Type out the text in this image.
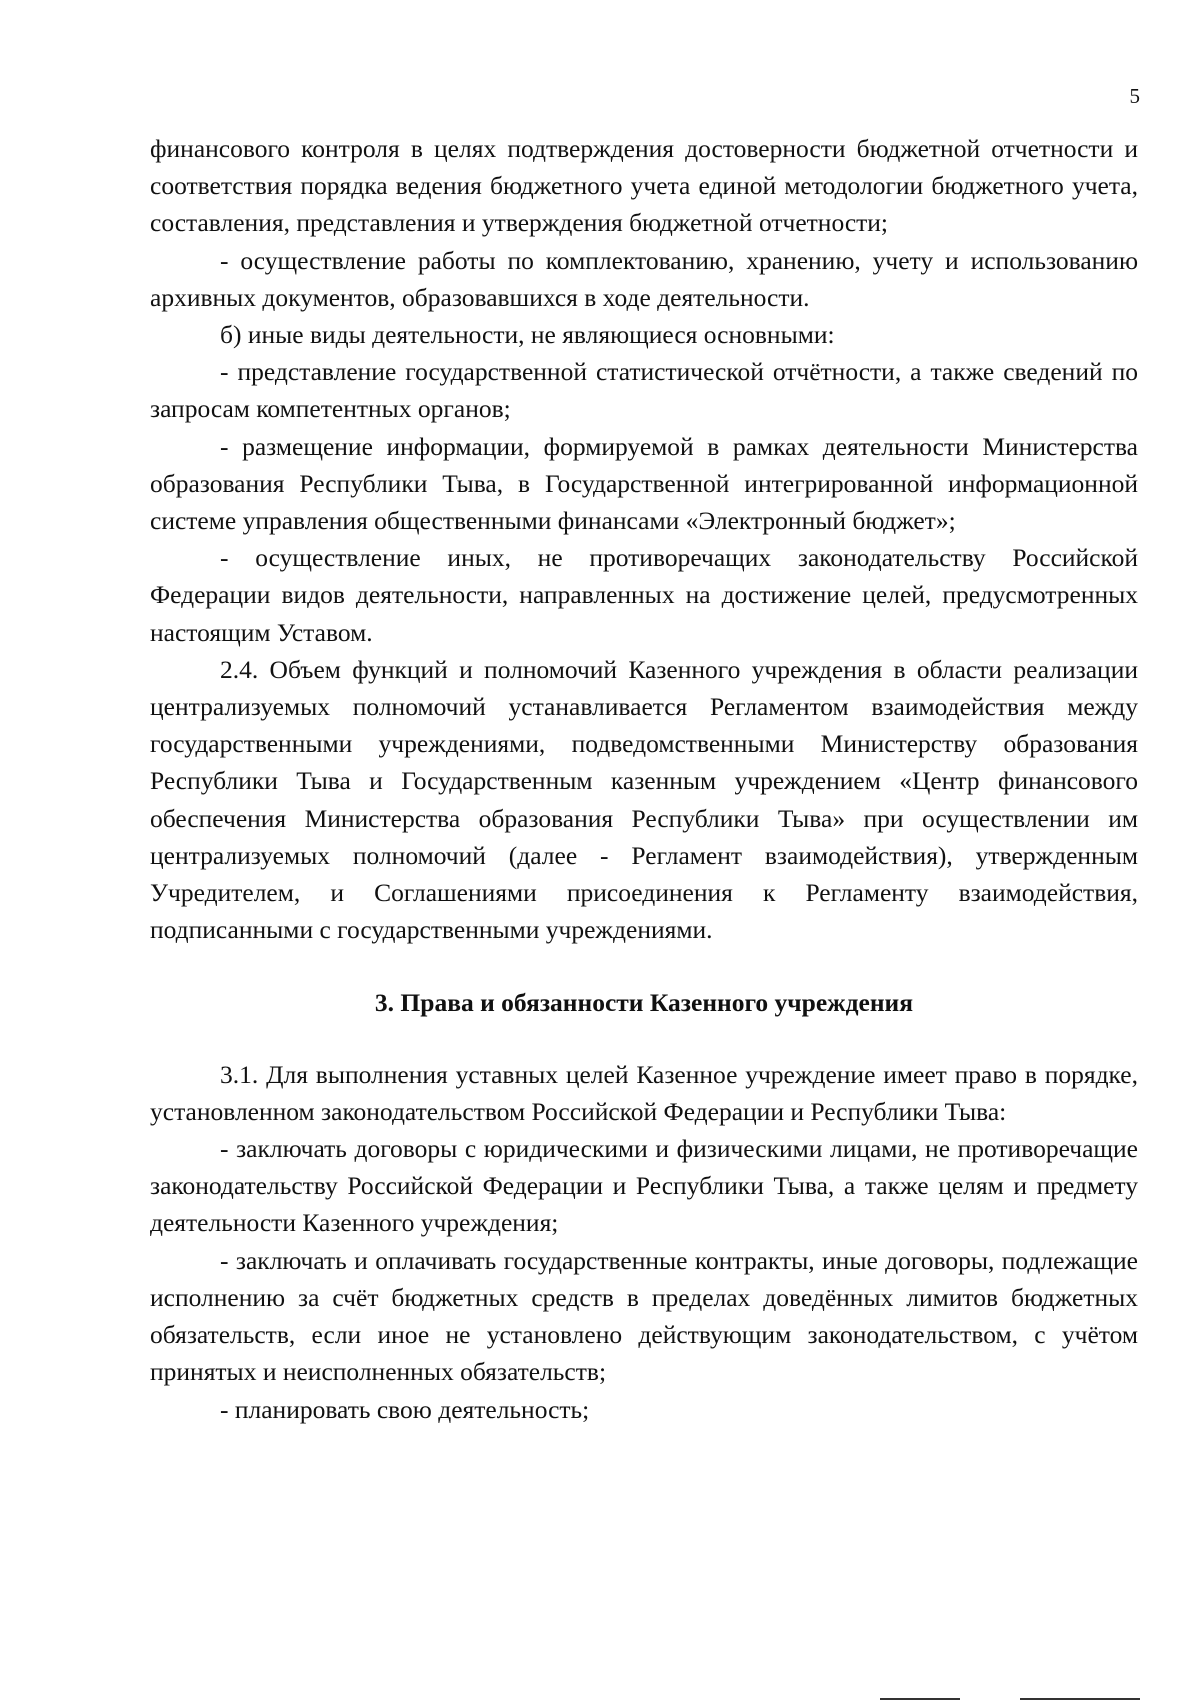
5

финансового контроля в целях подтверждения достоверности бюджетной отчетности и соответствия порядка ведения бюджетного учета единой методологии бюджетного учета, составления, представления и утверждения бюджетной отчетности;

- осуществление работы по комплектованию, хранению, учету и использованию архивных документов, образовавшихся в ходе деятельности.

б) иные виды деятельности, не являющиеся основными:

- представление государственной статистической отчётности, а также сведений по запросам компетентных органов;

- размещение информации, формируемой в рамках деятельности Министерства образования Республики Тыва, в Государственной интегрированной информационной системе управления общественными финансами «Электронный бюджет»;

- осуществление иных, не противоречащих законодательству Российской Федерации видов деятельности, направленных на достижение целей, предусмотренных настоящим Уставом.

2.4. Объем функций и полномочий Казенного учреждения в области реализации централизуемых полномочий устанавливается Регламентом взаимодействия между государственными учреждениями, подведомственными Министерству образования Республики Тыва и Государственным казенным учреждением «Центр финансового обеспечения Министерства образования Республики Тыва» при осуществлении им централизуемых полномочий (далее - Регламент взаимодействия), утвержденным Учредителем, и Соглашениями присоединения к Регламенту взаимодействия, подписанными с государственными учреждениями.

3. Права и обязанности Казенного учреждения

3.1. Для выполнения уставных целей Казенное учреждение имеет право в порядке, установленном законодательством Российской Федерации и Республики Тыва:

- заключать договоры с юридическими и физическими лицами, не противоречащие законодательству Российской Федерации и Республики Тыва, а также целям и предмету деятельности Казенного учреждения;

- заключать и оплачивать государственные контракты, иные договоры, подлежащие исполнению за счёт бюджетных средств в пределах доведённых лимитов бюджетных обязательств, если иное не установлено действующим законодательством, с учётом принятых и неисполненных обязательств;

- планировать свою деятельность;
